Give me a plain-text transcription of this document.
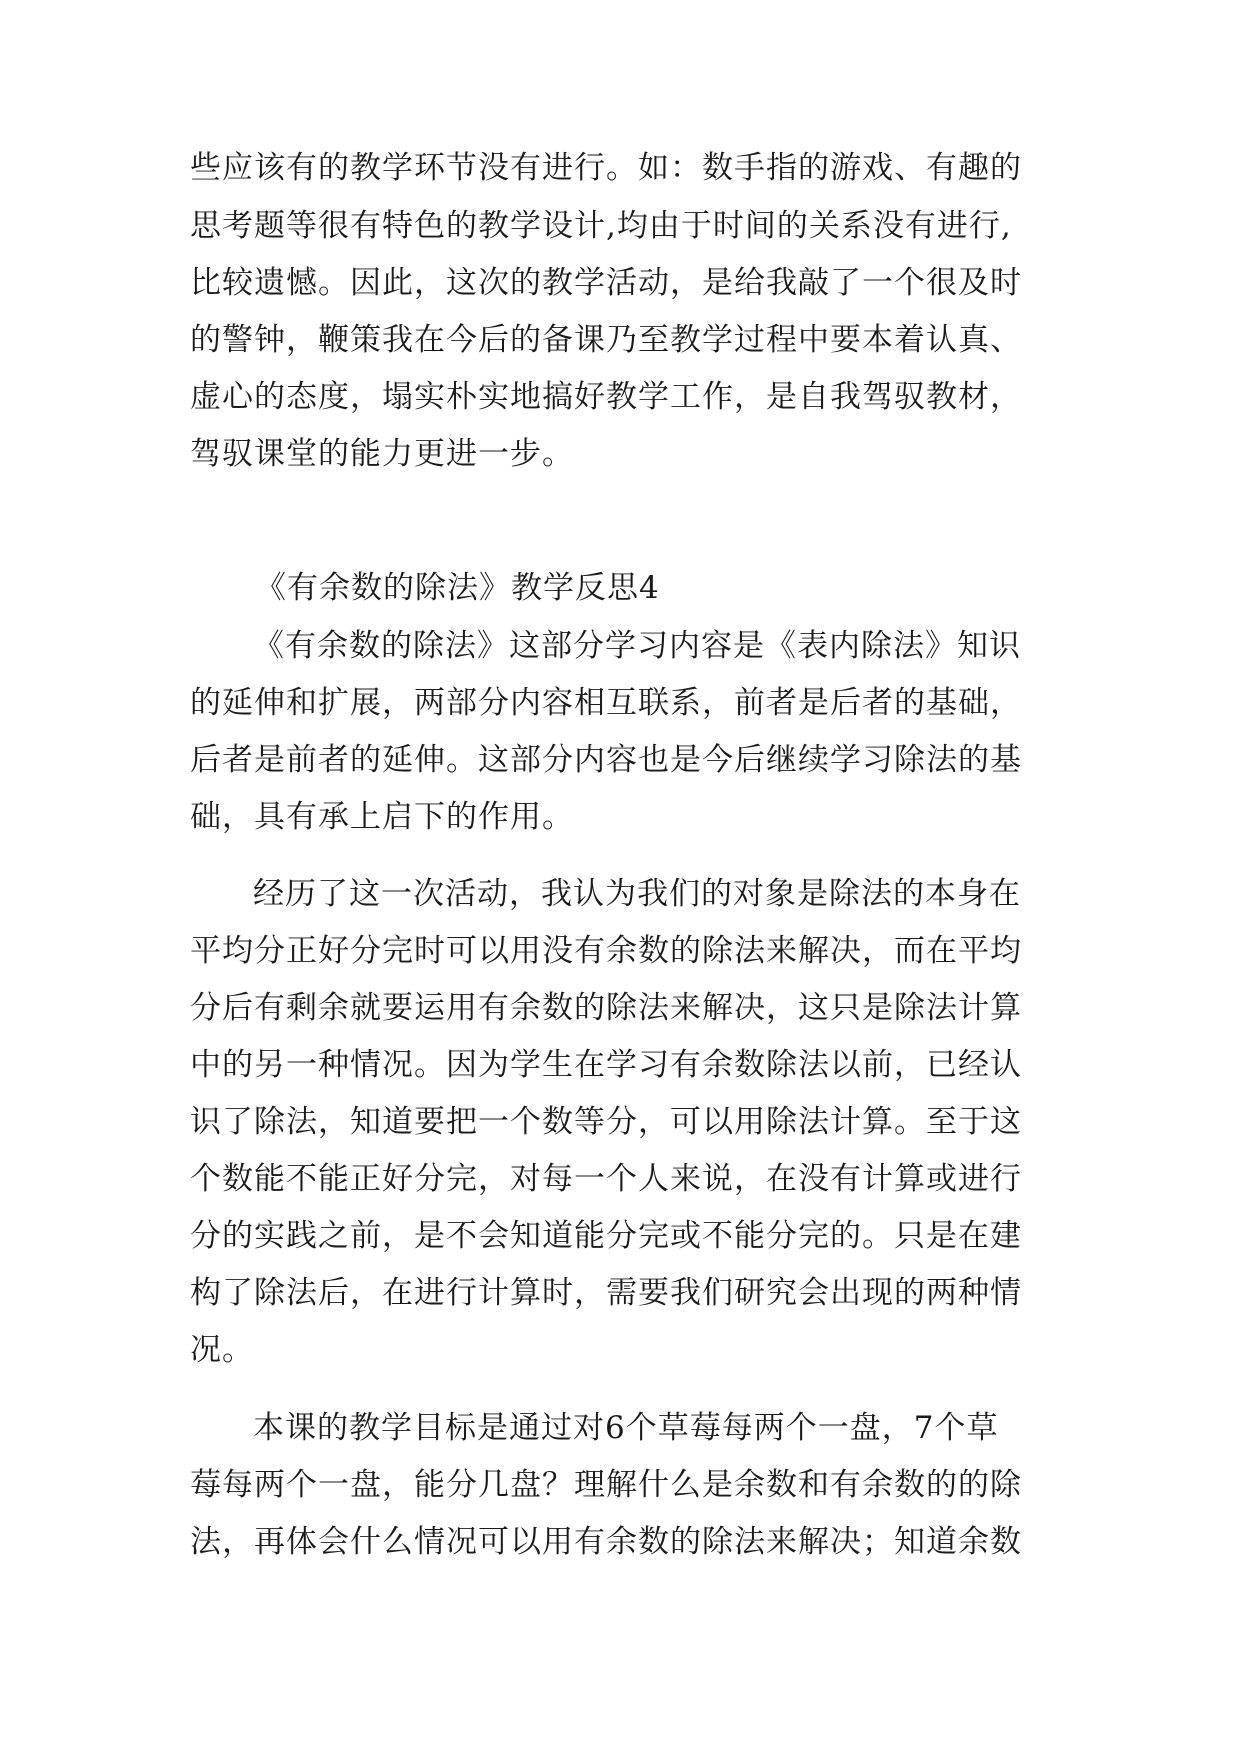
些应该有的教学环节没有进行。如：数手指的游戏、有趣的
思考题等很有特色的教学设计,均由于时间的关系没有进行,
比较遗憾。因此，这次的教学活动，是给我敲了一个很及时
的警钟，鞭策我在今后的备课乃至教学过程中要本着认真、
虚心的态度，塌实朴实地搞好教学工作，是自我驾驭教材，
驾驭课堂的能力更进一步。
《有余数的除法》教学反思4
《有余数的除法》这部分学习内容是《表内除法》知识
的延伸和扩展，两部分内容相互联系，前者是后者的基础，
后者是前者的延伸。这部分内容也是今后继续学习除法的基
础，具有承上启下的作用。
经历了这一次活动，我认为我们的对象是除法的本身在
平均分正好分完时可以用没有余数的除法来解决，而在平均
分后有剩余就要运用有余数的除法来解决，这只是除法计算
中的另一种情况。因为学生在学习有余数除法以前，已经认
识了除法，知道要把一个数等分，可以用除法计算。至于这
个数能不能正好分完，对每一个人来说，在没有计算或进行
分的实践之前，是不会知道能分完或不能分完的。只是在建
构了除法后，在进行计算时，需要我们研究会出现的两种情
况。
本课的教学目标是通过对6个草莓每两个一盘，7个草
莓每两个一盘，能分几盘？理解什么是余数和有余数的的除
法，再体会什么情况可以用有余数的除法来解决；知道余数
